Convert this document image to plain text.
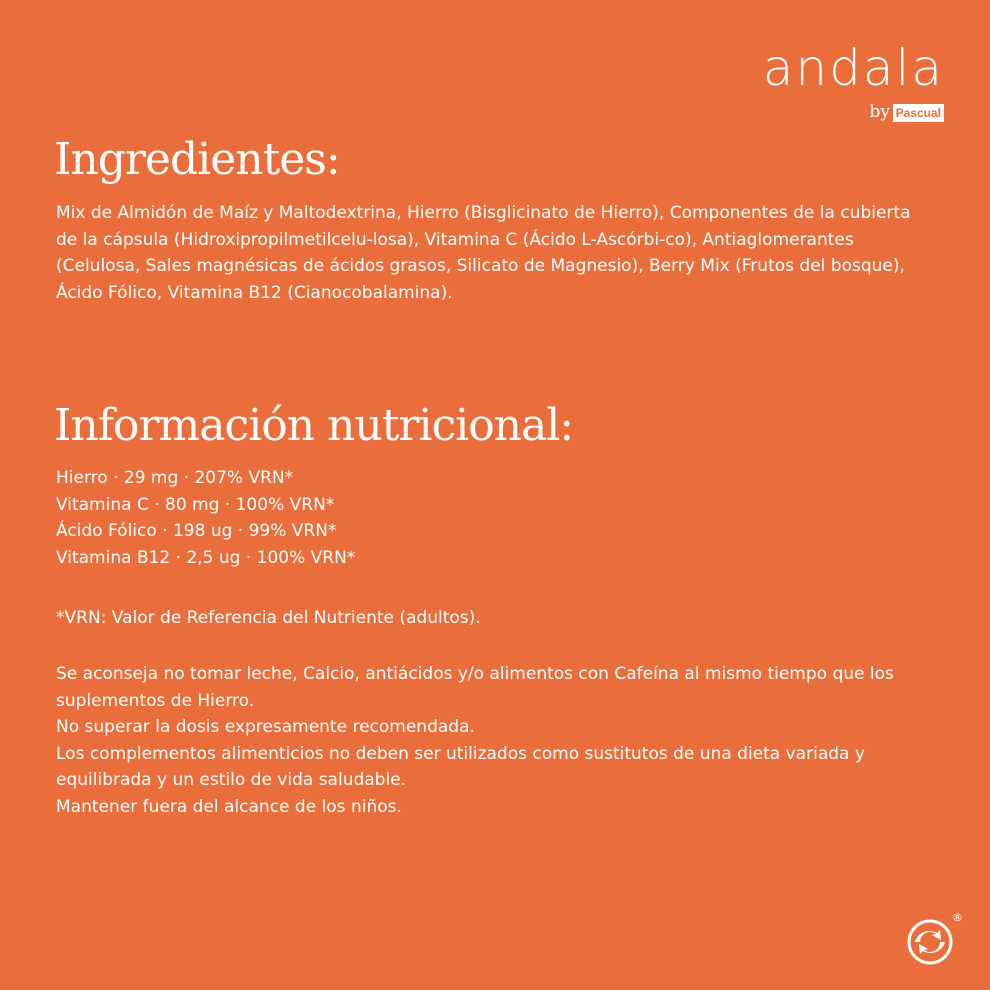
andala
by Pascual
Ingredientes:
Mix de Almidón de Maíz y Maltodextrina, Hierro (Bisglicinato de Hierro), Componentes de la cubierta de la cápsula (Hidroxipropilmetilcelu-losa), Vitamina C (Ácido L-Ascórbi-co), Antiaglomerantes (Celulosa, Sales magnésicas de ácidos grasos, Silicato de Magnesio), Berry Mix (Frutos del bosque), Ácido Fólico, Vitamina B12 (Cianocobalamina).
Información nutricional:

Hierro · 29 mg · 207% VRN*

Vitamina C · 80 mg · 100% VRN*

Ácido Fólico · 198 ug · 99% VRN*

Vitamina B12 · 2,5 ug · 100% VRN*

*VRN: Valor de Referencia del Nutriente (adultos).

Se aconseja no tomar leche, Calcio, antiácidos y/o alimentos con Cafeína al mismo tiempo que los suplementos de Hierro.

No superar la dosis expresamente recomendada.

Los complementos alimenticios no deben ser utilizados como sustitutos de una dieta variada y equilibrada y un estilo de vida saludable.

Mantener fuera del alcance de los niños.

®
